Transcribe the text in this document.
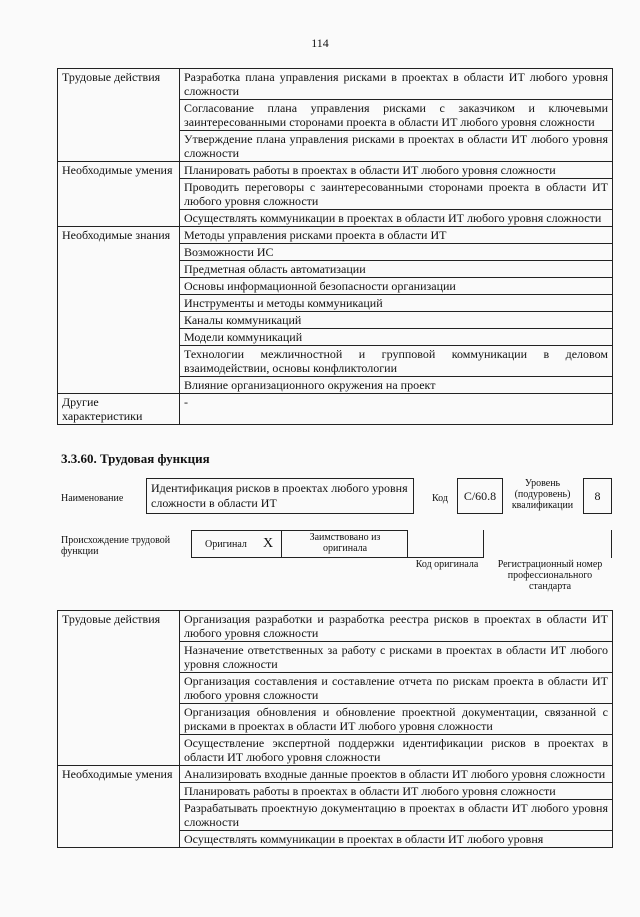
114
Трудовые действия	Разработка плана управления рисками в проектах в области ИТ любого уровня сложности
	Согласование плана управления рисками с заказчиком и ключевыми заинтересованными сторонами проекта в области ИТ любого уровня сложности
	Утверждение плана управления рисками в проектах в области ИТ любого уровня сложности
Необходимые умения	Планировать работы в проектах в области ИТ любого уровня сложности
	Проводить переговоры с заинтересованными сторонами проекта в области ИТ любого уровня сложности
	Осуществлять коммуникации в проектах в области ИТ любого уровня сложности
Необходимые знания	Методы управления рисками проекта в области ИТ
	Возможности ИС
	Предметная область автоматизации
	Основы информационной безопасности организации
	Инструменты и методы коммуникаций
	Каналы коммуникаций
	Модели коммуникаций
	Технологии межличностной и групповой коммуникации в деловом взаимодействии, основы конфликтологии
	Влияние организационного окружения на проект
Другие характеристики	-
3.3.60. Трудовая функция
Наименование
Идентификация рисков в проектах любого уровня сложности в области ИТ	Код	C/60.8
Уровень (подуровень) квалификации
8
Происхождение трудовой функции
Оригинал X	Заимствовано из оригинала
Код оригинала	Регистрационный номер профессионального стандарта
Трудовые действия	Организация разработки и разработка реестра рисков в проектах в области ИТ любого уровня сложности
	Назначение ответственных за работу с рисками в проектах в области ИТ любого уровня сложности
	Организация составления и составление отчета по рискам проекта в области ИТ любого уровня сложности
	Организация обновления и обновление проектной документации, связанной с рисками в проектах в области ИТ любого уровня сложности
	Осуществление экспертной поддержки идентификации рисков в проектах в области ИТ любого уровня сложности
Необходимые умения	Анализировать входные данные проектов в области ИТ любого уровня сложности
	Планировать работы в проектах в области ИТ любого уровня сложности
	Разрабатывать проектную документацию в проектах в области ИТ любого уровня сложности
	Осуществлять коммуникации в проектах в области ИТ любого уровня
